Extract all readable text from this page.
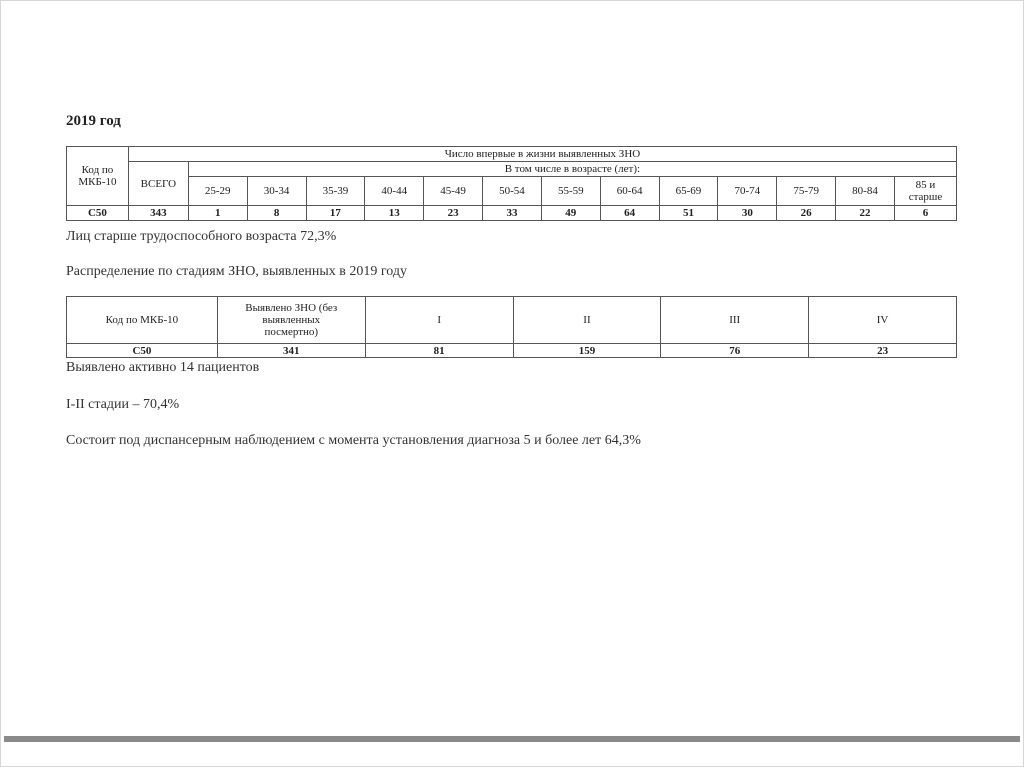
2019 год
Код по МКБ-10	Число впервые в жизни выявленных ЗНО													
	ВСЕГО	В том числе в возрасте (лет):												
		25-29	30-34	35-39	40-44	45-49	50-54	55-59	60-64	65-69	70-74	75-79	80-84	85 и старше
С50	343	1	8	17	13	23	33	49	64	51	30	26	22	6
Лиц старше трудоспособного возраста 72,3%
Распределение по стадиям ЗНО, выявленных в 2019 году
Код по МКБ-10	Выявлено ЗНО (без выявленных посмертно)	I	II	III	IV
С50	341	81	159	76	23
Выявлено активно 14 пациентов
I-II стадии – 70,4%
Состоит под диспансерным наблюдением с момента установления диагноза 5 и более лет 64,3%
